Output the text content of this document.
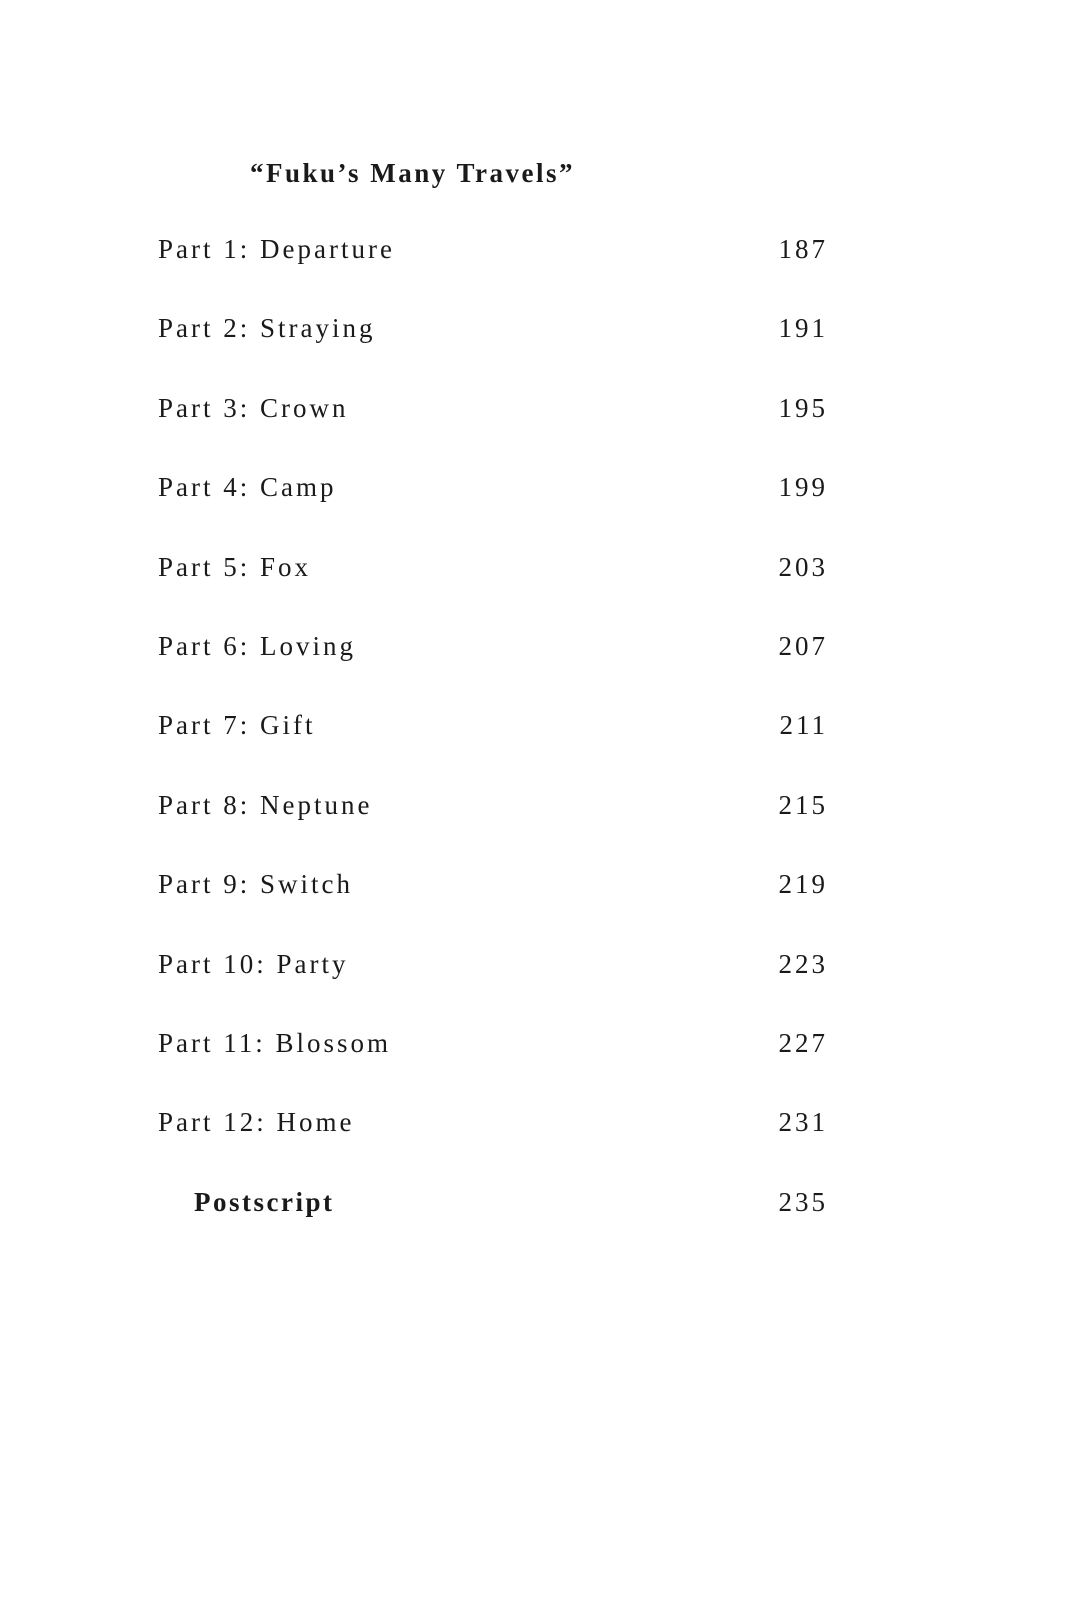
“Fuku’s Many Travels”
Part 1: Departure	187
Part 2: Straying	191
Part 3: Crown	195
Part 4: Camp	199
Part 5: Fox	203
Part 6: Loving	207
Part 7: Gift	211
Part 8: Neptune	215
Part 9: Switch	219
Part 10: Party	223
Part 11: Blossom	227
Part 12: Home	231
Postscript	235
